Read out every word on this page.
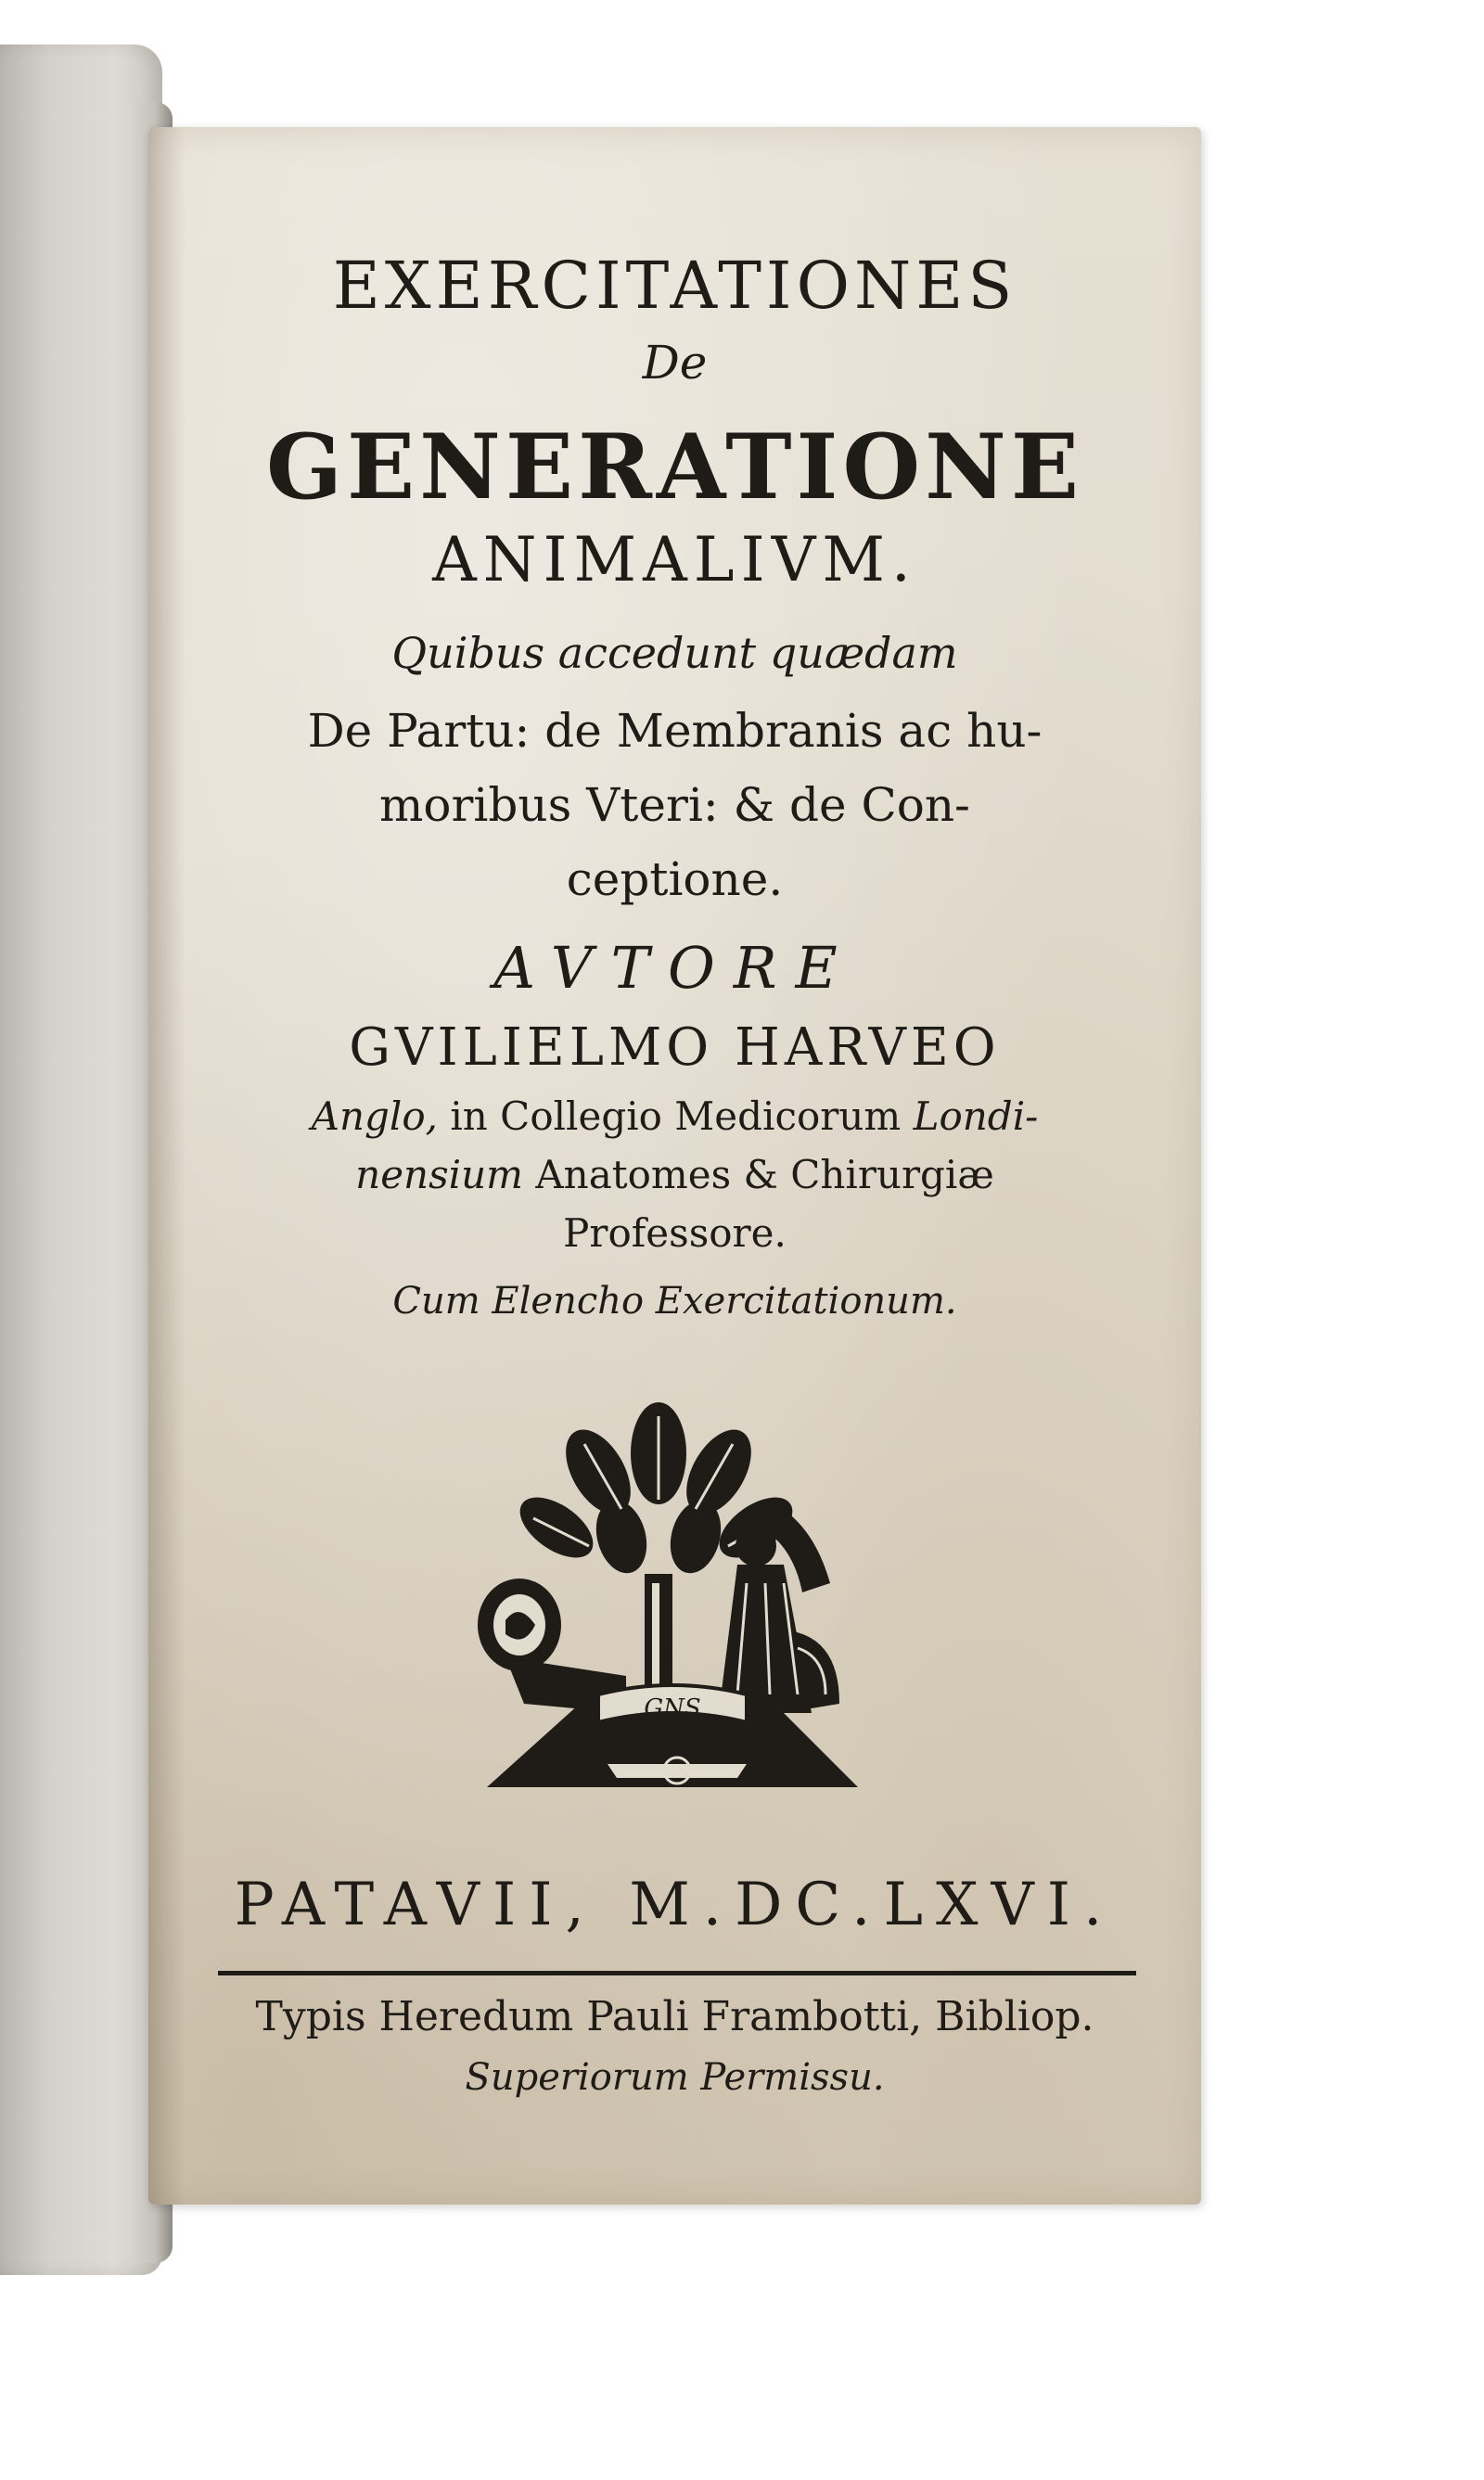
EXERCITATIONES
De
GENERATIONE
ANIMALIVM.
Quibus accedunt quædam
De Partu: de Membranis ac hu-
moribus Vteri: & de Con-
ceptione.
AVTORE
GVILIELMO HARVEO
Anglo, in Collegio Medicorum Londi-
nensium Anatomes & Chirurgiæ
Professore.
Cum Elencho Exercitationum.
GNS
PATAVII, M.DC.LXVI.
Typis Heredum Pauli Frambotti, Bibliop.
Superiorum Permissu.
